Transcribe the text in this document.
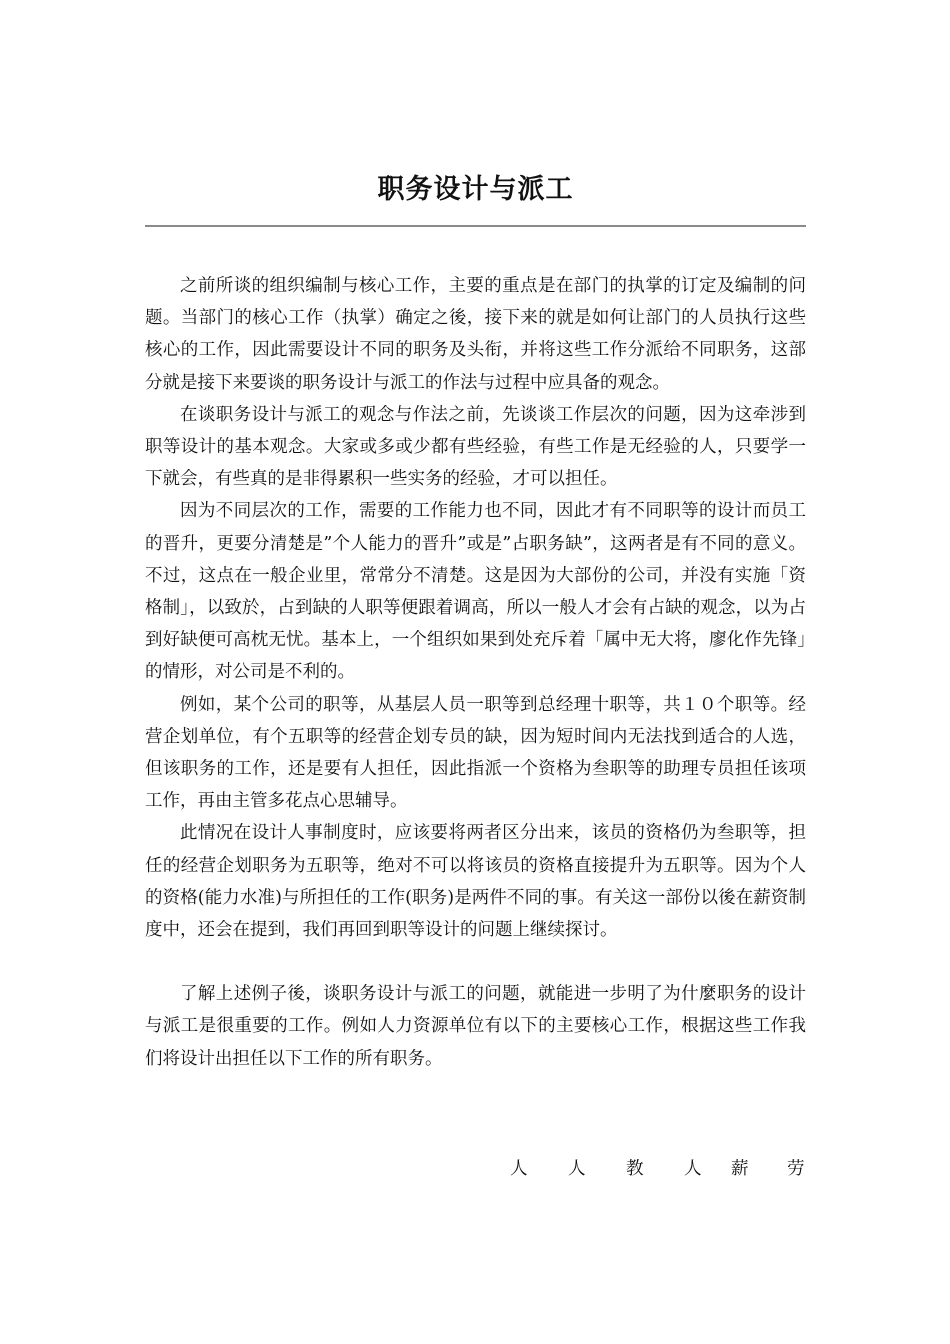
职务设计与派工

之前所谈的组织编制与核心工作，主要的重点是在部门的执掌的订定及编制的问题。当部门的核心工作（执掌）确定之後，接下来的就是如何让部门的人员执行这些核心的工作，因此需要设计不同的职务及头衔，并将这些工作分派给不同职务，这部分就是接下来要谈的职务设计与派工的作法与过程中应具备的观念。

在谈职务设计与派工的观念与作法之前，先谈谈工作层次的问题，因为这牵涉到职等设计的基本观念。大家或多或少都有些经验，有些工作是无经验的人，只要学一下就会，有些真的是非得累积一些实务的经验，才可以担任。

因为不同层次的工作，需要的工作能力也不同，因此才有不同职等的设计而员工的晋升，更要分清楚是”个人能力的晋升”或是”占职务缺”，这两者是有不同的意义。不过，这点在一般企业里，常常分不清楚。这是因为大部份的公司，并没有实施「资格制」，以致於，占到缺的人职等便跟着调高，所以一般人才会有占缺的观念，以为占到好缺便可高枕无忧。基本上，一个组织如果到处充斥着「属中无大将，廖化作先锋」的情形，对公司是不利的。

例如，某个公司的职等，从基层人员一职等到总经理十职等，共１０个职等。经营企划单位，有个五职等的经营企划专员的缺，因为短时间内无法找到适合的人选，但该职务的工作，还是要有人担任，因此指派一个资格为叁职等的助理专员担任该项工作，再由主管多花点心思辅导。

此情况在设计人事制度时，应该要将两者区分出来，该员的资格仍为叁职等，担任的经营企划职务为五职等，绝对不可以将该员的资格直接提升为五职等。因为个人的资格(能力水准)与所担任的工作(职务)是两件不同的事。有关这一部份以後在薪资制度中，还会在提到，我们再回到职等设计的问题上继续探讨。

了解上述例子後，谈职务设计与派工的问题，就能进一步明了为什麼职务的设计与派工是很重要的工作。例如人力资源单位有以下的主要核心工作，根据这些工作我们将设计出担任以下工作的所有职务。

人 人 教 人 薪 劳
